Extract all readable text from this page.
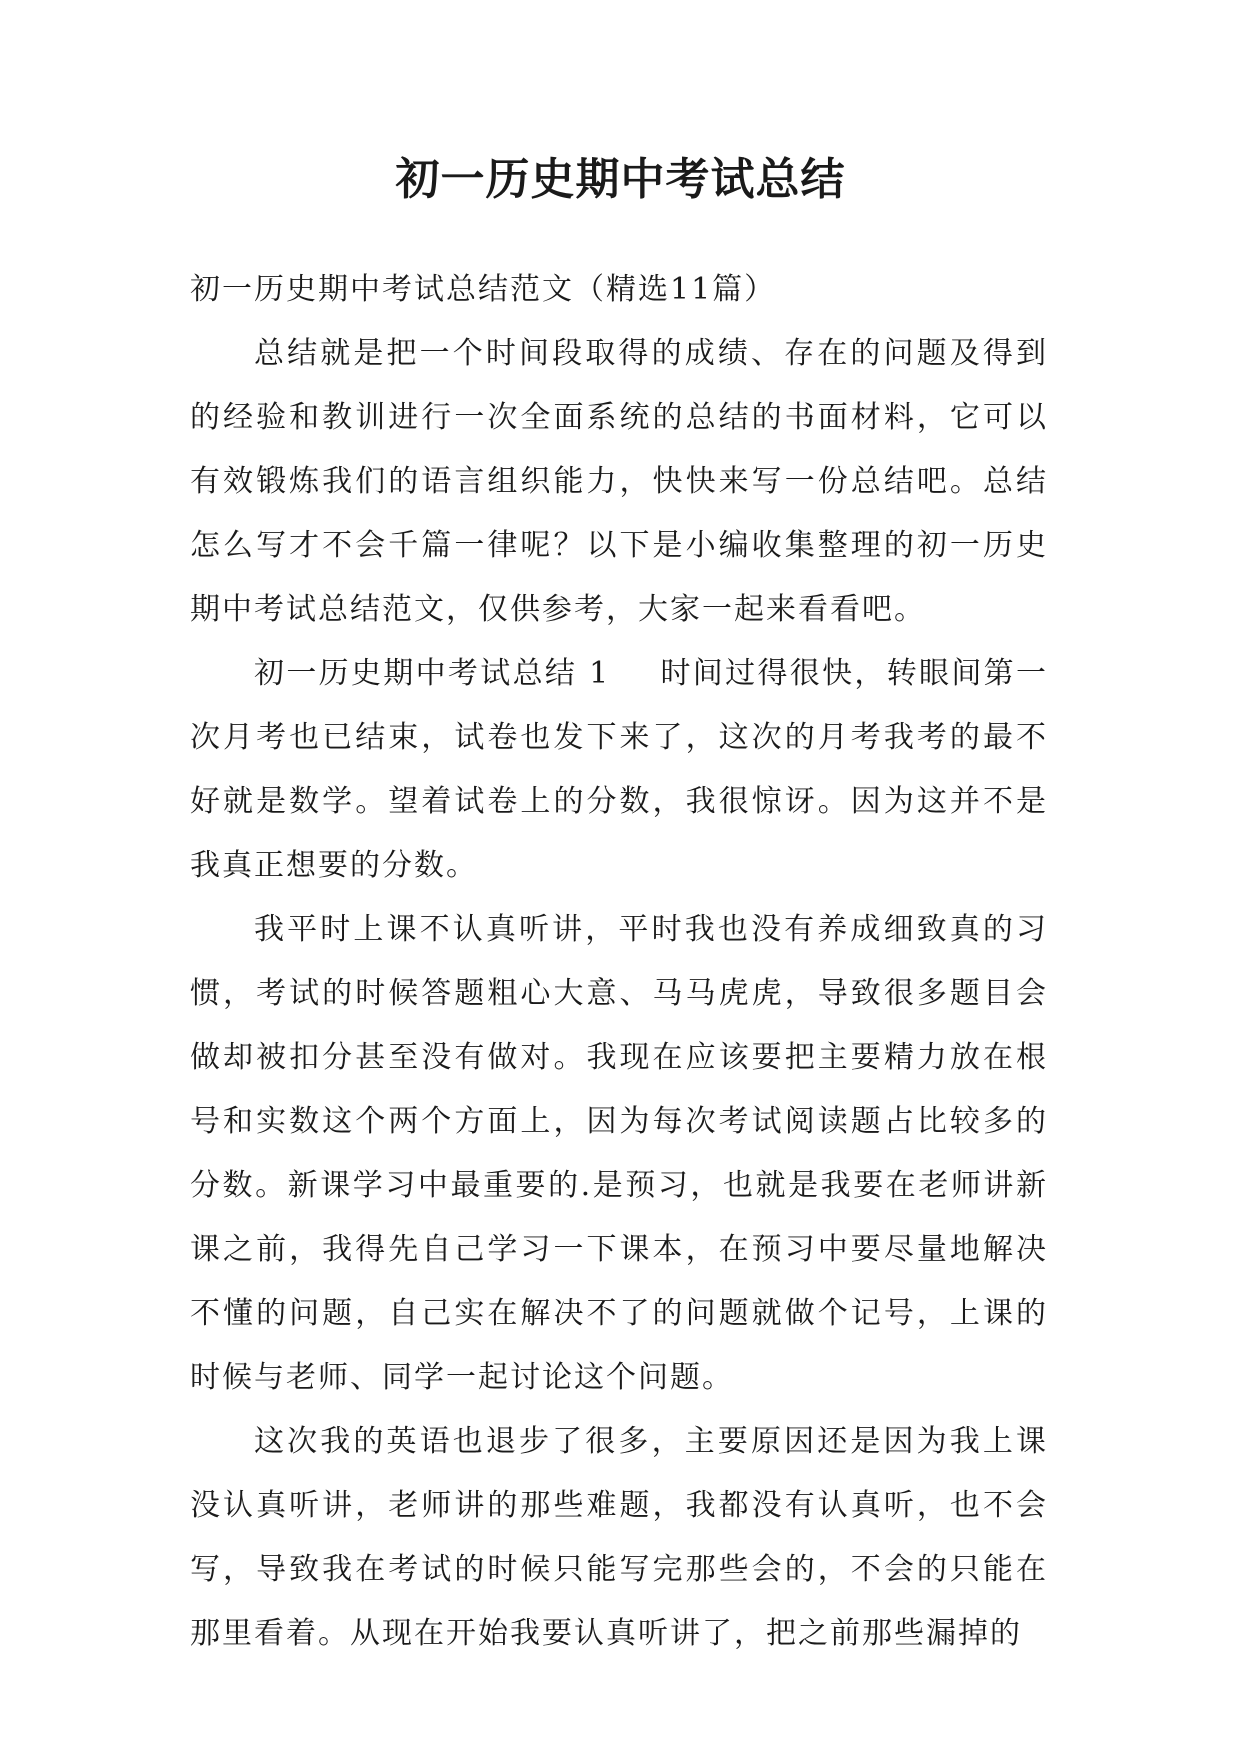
初一历史期中考试总结

初一历史期中考试总结范文（精选11篇）

总结就是把一个时间段取得的成绩、存在的问题及得到的经验和教训进行一次全面系统的总结的书面材料，它可以有效锻炼我们的语言组织能力，快快来写一份总结吧。总结怎么写才不会千篇一律呢？以下是小编收集整理的初一历史期中考试总结范文，仅供参考，大家一起来看看吧。

初一历史期中考试总结 1 时间过得很快，转眼间第一次月考也已结束，试卷也发下来了，这次的月考我考的最不好就是数学。望着试卷上的分数，我很惊讶。因为这并不是我真正想要的分数。

我平时上课不认真听讲，平时我也没有养成细致真的习惯，考试的时候答题粗心大意、马马虎虎，导致很多题目会做却被扣分甚至没有做对。我现在应该要把主要精力放在根号和实数这个两个方面上，因为每次考试阅读题占比较多的分数。新课学习中最重要的.是预习，也就是我要在老师讲新课之前，我得先自己学习一下课本，在预习中要尽量地解决不懂的问题，自己实在解决不了的问题就做个记号，上课的时候与老师、同学一起讨论这个问题。

这次我的英语也退步了很多，主要原因还是因为我上课没认真听讲，老师讲的那些难题，我都没有认真听，也不会写，导致我在考试的时候只能写完那些会的，不会的只能在那里看着。从现在开始我要认真听讲了，把之前那些漏掉的
